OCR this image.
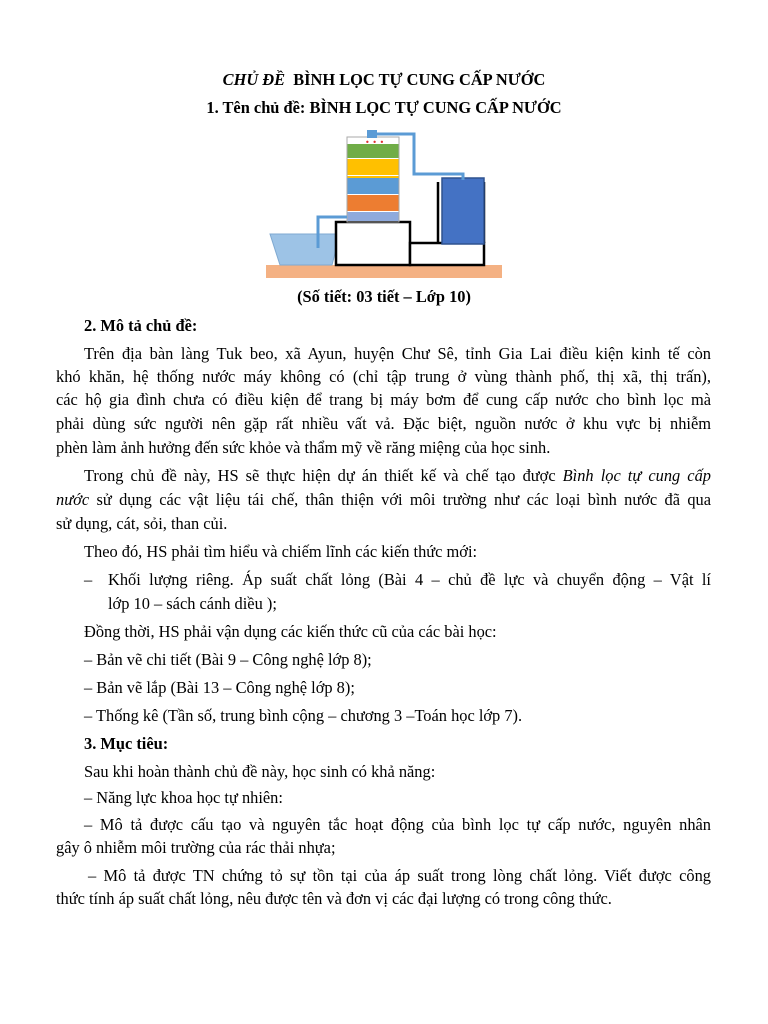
CHỦ ĐỀ BÌNH LỌC TỰ CUNG CẤP NƯỚC
1. Tên chủ đề: BÌNH LỌC TỰ CUNG CẤP NƯỚC
• • •
(Số tiết: 03 tiết – Lớp 10)
2. Mô tả chủ đề:
Trên địa bàn làng Tuk beo, xã Ayun, huyện Chư Sê, tỉnh Gia Lai điều kiện kinh tế còn
khó khăn, hệ thống nước máy không có (chỉ tập trung ở vùng thành phố, thị xã, thị trấn),
các hộ gia đình chưa có điều kiện để trang bị máy bơm để cung cấp nước cho bình lọc mà
phải dùng sức người nên gặp rất nhiều vất vả. Đặc biệt, nguồn nước ở khu vực bị nhiễm
phèn làm ảnh hưởng đến sức khỏe và thẩm mỹ về răng miệng của học sinh.
Trong chủ đề này, HS sẽ thực hiện dự án thiết kế và chế tạo được Bình lọc tự cung cấp
nước sử dụng các vật liệu tái chế, thân thiện với môi trường như các loại bình nước đã qua
sử dụng, cát, sỏi, than củi.
Theo đó, HS phải tìm hiểu và chiếm lĩnh các kiến thức mới:
– Khối lượng riêng. Áp suất chất lỏng (Bài 4 – chủ đề lực và chuyển động – Vật lí
lớp 10 – sách cánh diều );
Đồng thời, HS phải vận dụng các kiến thức cũ của các bài học:
– Bản vẽ chi tiết (Bài 9 – Công nghệ lớp 8);
– Bản vẽ lắp (Bài 13 – Công nghệ lớp 8);
– Thống kê (Tần số, trung bình cộng – chương 3 –Toán học lớp 7).
3. Mục tiêu:
Sau khi hoàn thành chủ đề này, học sinh có khả năng:
– Năng lực khoa học tự nhiên:
– Mô tả được cấu tạo và nguyên tắc hoạt động của bình lọc tự cấp nước, nguyên nhân
gây ô nhiễm môi trường của rác thải nhựa;
– Mô tả được TN chứng tỏ sự tồn tại của áp suất trong lòng chất lỏng. Viết được công
thức tính áp suất chất lỏng, nêu được tên và đơn vị các đại lượng có trong công thức.
